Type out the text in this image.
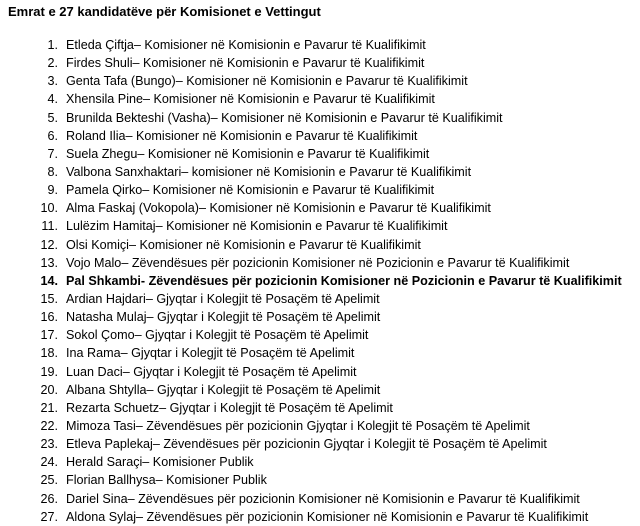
Emrat e 27 kandidatëve për Komisionet e Vettingut
1. Etleda Çiftja– Komisioner në Komisionin e Pavarur të Kualifikimit
2. Firdes Shuli– Komisioner në Komisionin e Pavarur të Kualifikimit
3. Genta Tafa (Bungo)– Komisioner në Komisionin e Pavarur të Kualifikimit
4. Xhensila Pine– Komisioner në Komisionin e Pavarur të Kualifikimit
5. Brunilda Bekteshi (Vasha)– Komisioner në Komisionin e Pavarur të Kualifikimit
6. Roland Ilia– Komisioner në Komisionin e Pavarur të Kualifikimit
7. Suela Zhegu– Komisioner në Komisionin e Pavarur të Kualifikimit
8. Valbona Sanxhaktari– komisioner në Komisionin e Pavarur të Kualifikimit
9. Pamela Qirko– Komisioner në Komisionin e Pavarur të Kualifikimit
10. Alma Faskaj (Vokopola)– Komisioner në Komisionin e Pavarur të Kualifikimit
11. Lulëzim Hamitaj– Komisioner në Komisionin e Pavarur të Kualifikimit
12. Olsi Komiçi– Komisioner në Komisionin e Pavarur të Kualifikimit
13. Vojo Malo– Zëvendësues për pozicionin Komisioner në Pozicionin e Pavarur të Kualifikimit
14. Pal Shkambi- Zëvendësues për pozicionin Komisioner në Pozicionin e Pavarur të Kualifikimit
15. Ardian Hajdari– Gjyqtar i Kolegjit të Posaçëm të Apelimit
16. Natasha Mulaj– Gjyqtar i Kolegjit të Posaçëm të Apelimit
17. Sokol Çomo– Gjyqtar i Kolegjit të Posaçëm të Apelimit
18. Ina Rama– Gjyqtar i Kolegjit të Posaçëm të Apelimit
19. Luan Daci– Gjyqtar i Kolegjit të Posaçëm të Apelimit
20. Albana Shtylla– Gjyqtar i Kolegjit të Posaçëm të Apelimit
21. Rezarta Schuetz– Gjyqtar i Kolegjit të Posaçëm të Apelimit
22. Mimoza Tasi– Zëvendësues për pozicionin Gjyqtar i Kolegjit të Posaçëm të Apelimit
23. Etleva Paplekaj– Zëvendësues për pozicionin Gjyqtar i Kolegjit të Posaçëm të Apelimit
24. Herald Saraçi– Komisioner Publik
25. Florian Ballhysa– Komisioner Publik
26. Dariel Sina– Zëvendësues për pozicionin Komisioner në Komisionin e Pavarur të Kualifikimit
27. Aldona Sylaj– Zëvendësues për pozicionin Komisioner në Komisionin e Pavarur të Kualifikimit
